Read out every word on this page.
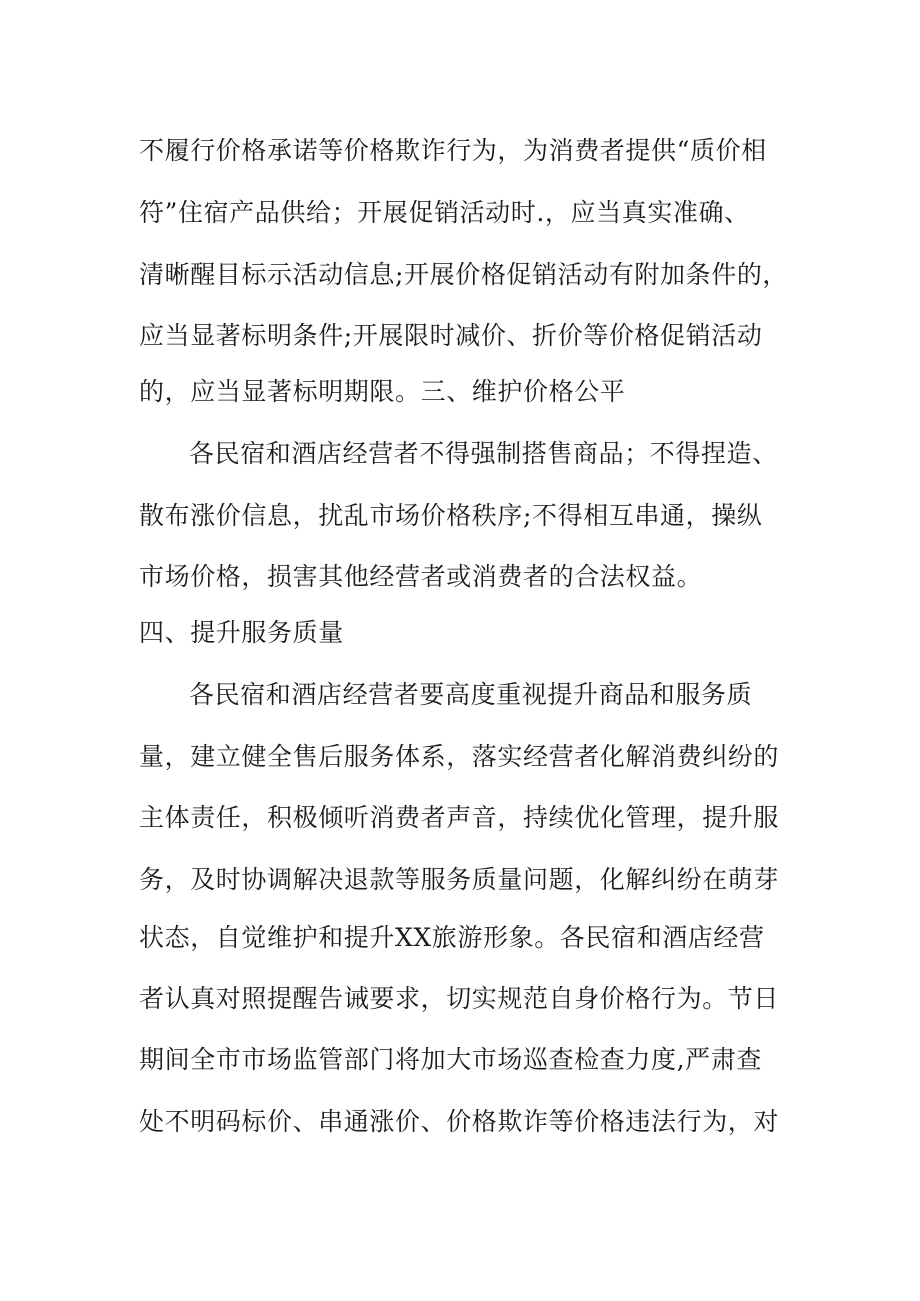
不履行价格承诺等价格欺诈行为，为消费者提供“质价相

符”住宿产品供给；开展促销活动时.，应当真实准确、

清晰醒目标示活动信息;开展价格促销活动有附加条件的，

应当显著标明条件;开展限时减价、折价等价格促销活动

的，应当显著标明期限。三、维护价格公平

各民宿和酒店经营者不得强制搭售商品；不得捏造、

散布涨价信息，扰乱市场价格秩序;不得相互串通，操纵

市场价格，损害其他经营者或消费者的合法权益。

四、提升服务质量

各民宿和酒店经营者要高度重视提升商品和服务质

量，建立健全售后服务体系，落实经营者化解消费纠纷的

主体责任，积极倾听消费者声音，持续优化管理，提升服

务，及时协调解决退款等服务质量问题，化解纠纷在萌芽

状态，自觉维护和提升XX旅游形象。各民宿和酒店经营

者认真对照提醒告诫要求，切实规范自身价格行为。节日

期间全市市场监管部门将加大市场巡查检查力度,严肃查

处不明码标价、串通涨价、价格欺诈等价格违法行为，对
